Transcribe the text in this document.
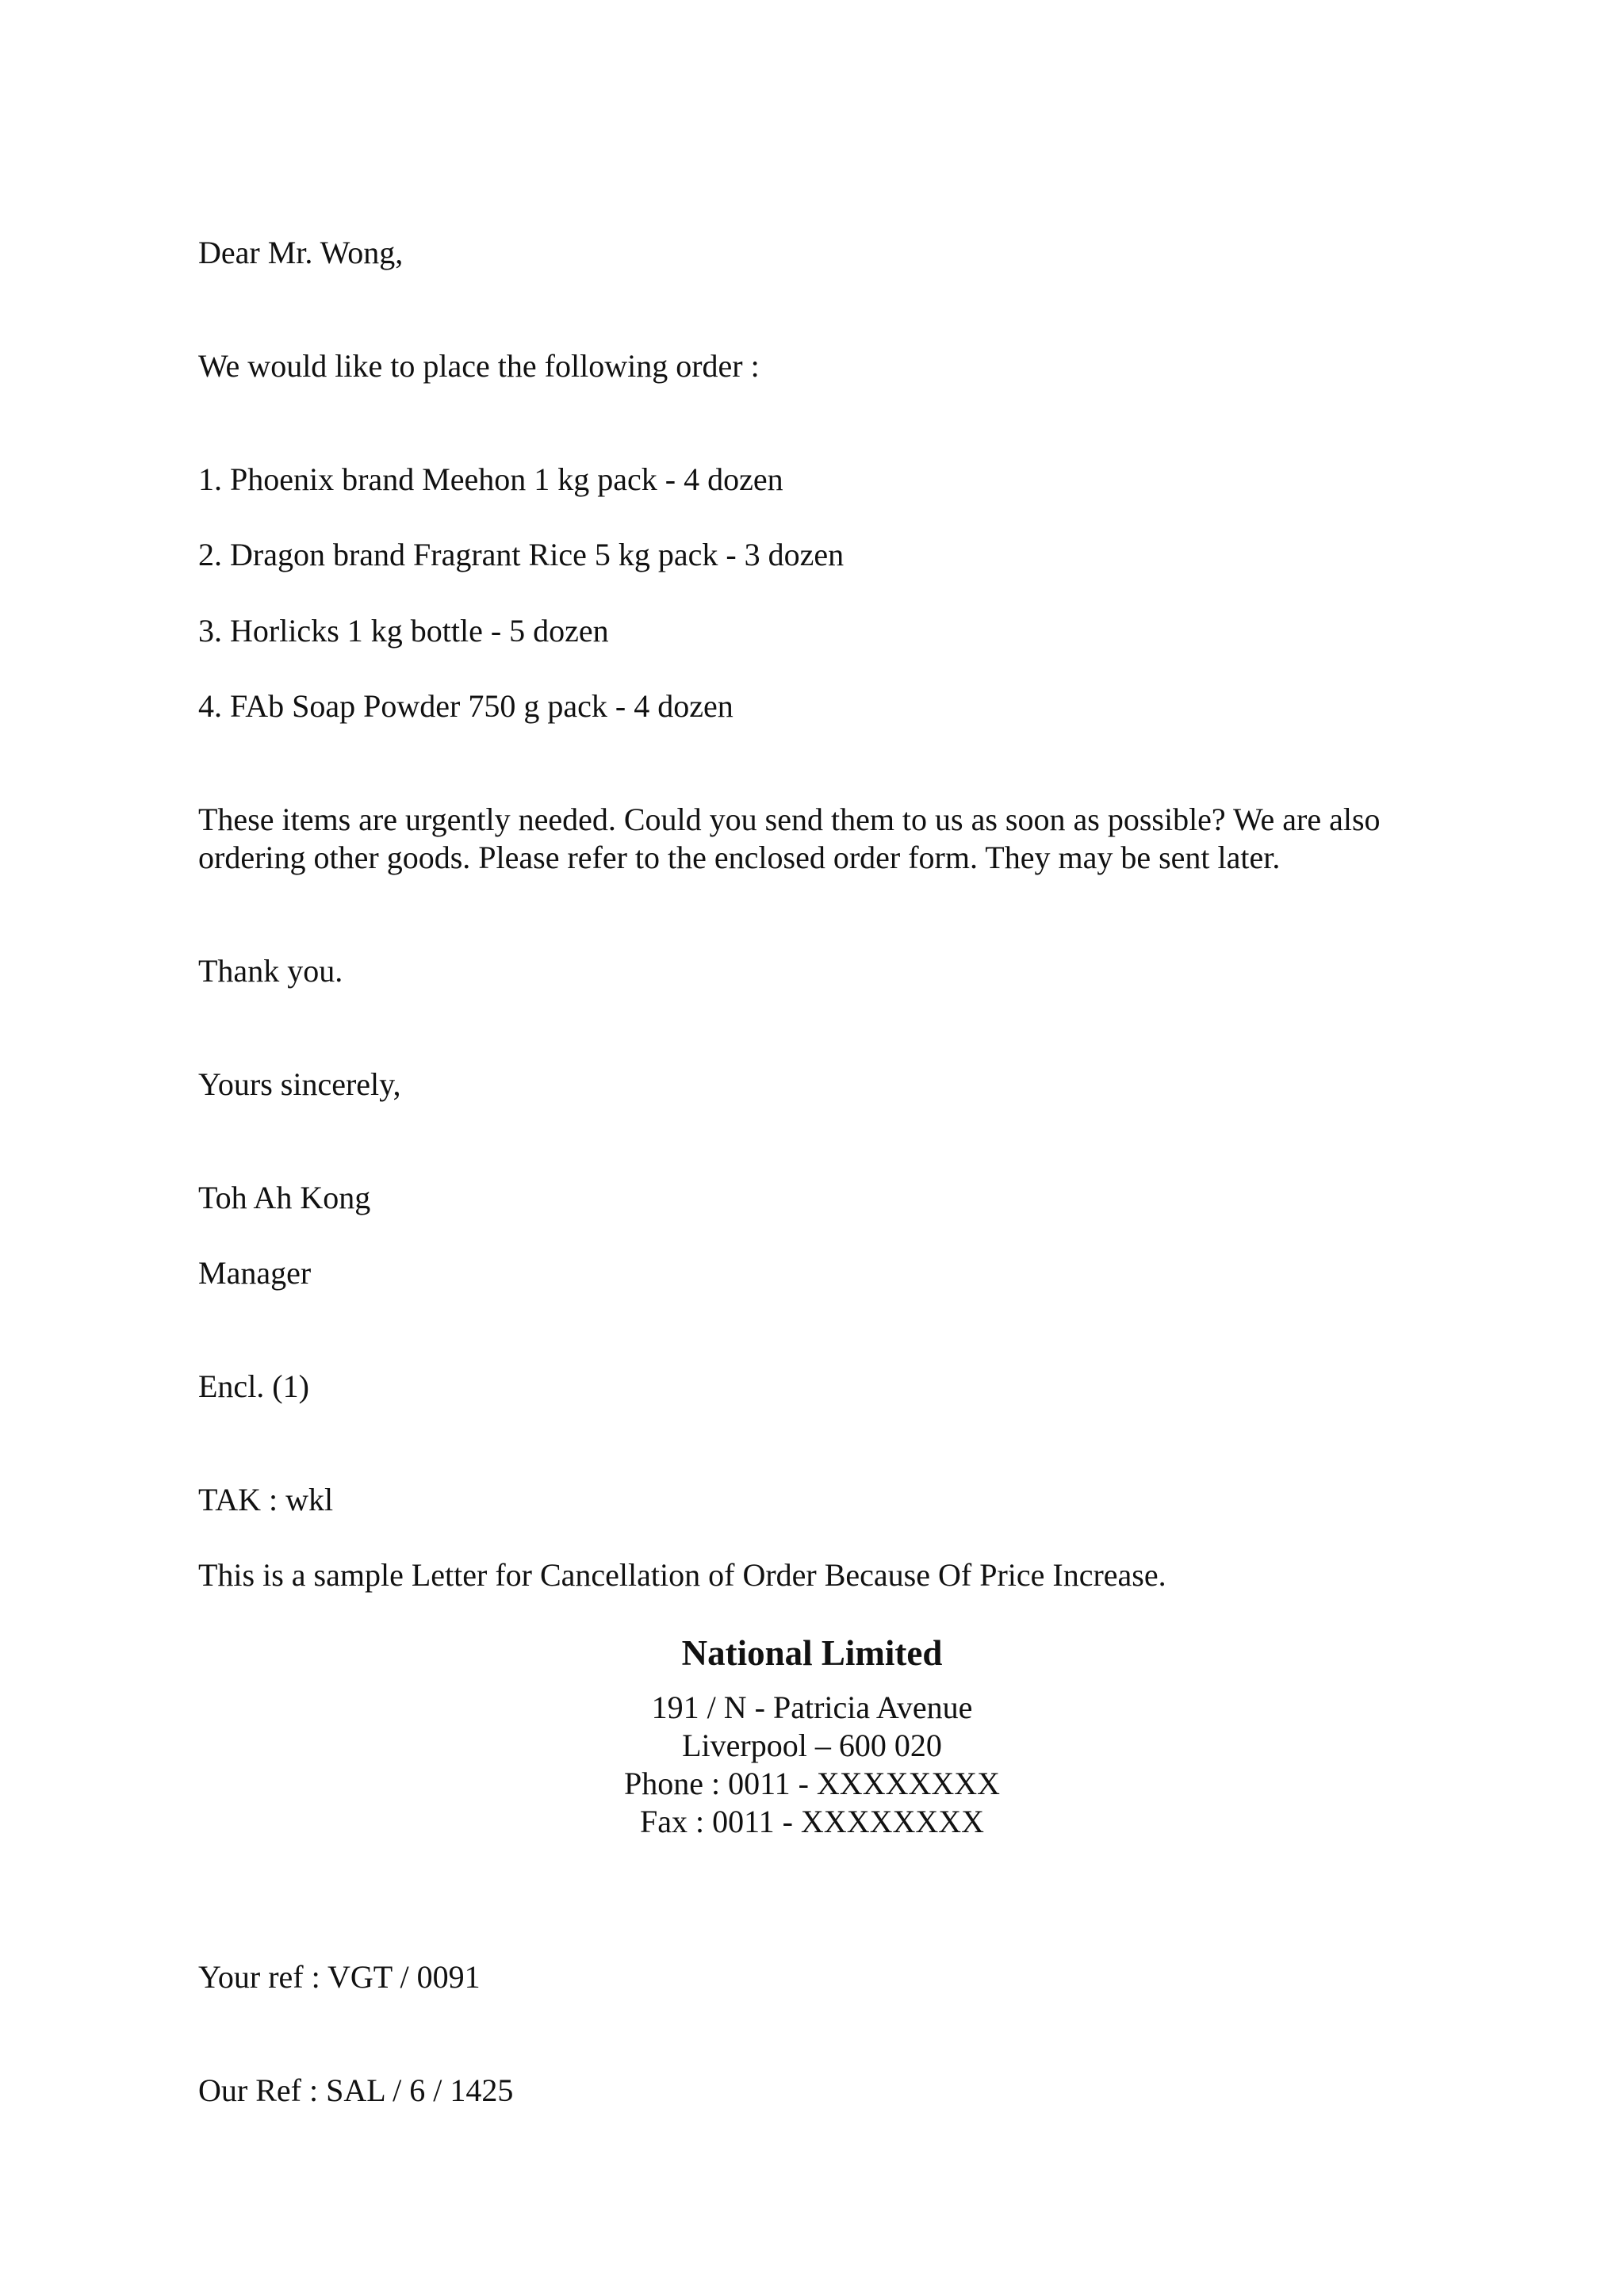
Dear Mr. Wong,

We would like to place the following order :

1. Phoenix brand Meehon 1 kg pack - 4 dozen

2. Dragon brand Fragrant Rice 5 kg pack - 3 dozen

3. Horlicks 1 kg bottle - 5 dozen

4. FAb Soap Powder 750 g pack - 4 dozen

These items are urgently needed. Could you send them to us as soon as possible? We are also

ordering other goods. Please refer to the enclosed order form. They may be sent later.

Thank you.

Yours sincerely,

Toh Ah Kong

Manager

Encl. (1)

TAK : wkl

This is a sample Letter for Cancellation of Order Because Of Price Increase.

National Limited

191 / N - Patricia Avenue

Liverpool – 600 020

Phone : 0011 - XXXXXXXX

Fax : 0011 - XXXXXXXX

Your ref : VGT / 0091

Our Ref : SAL / 6 / 1425
